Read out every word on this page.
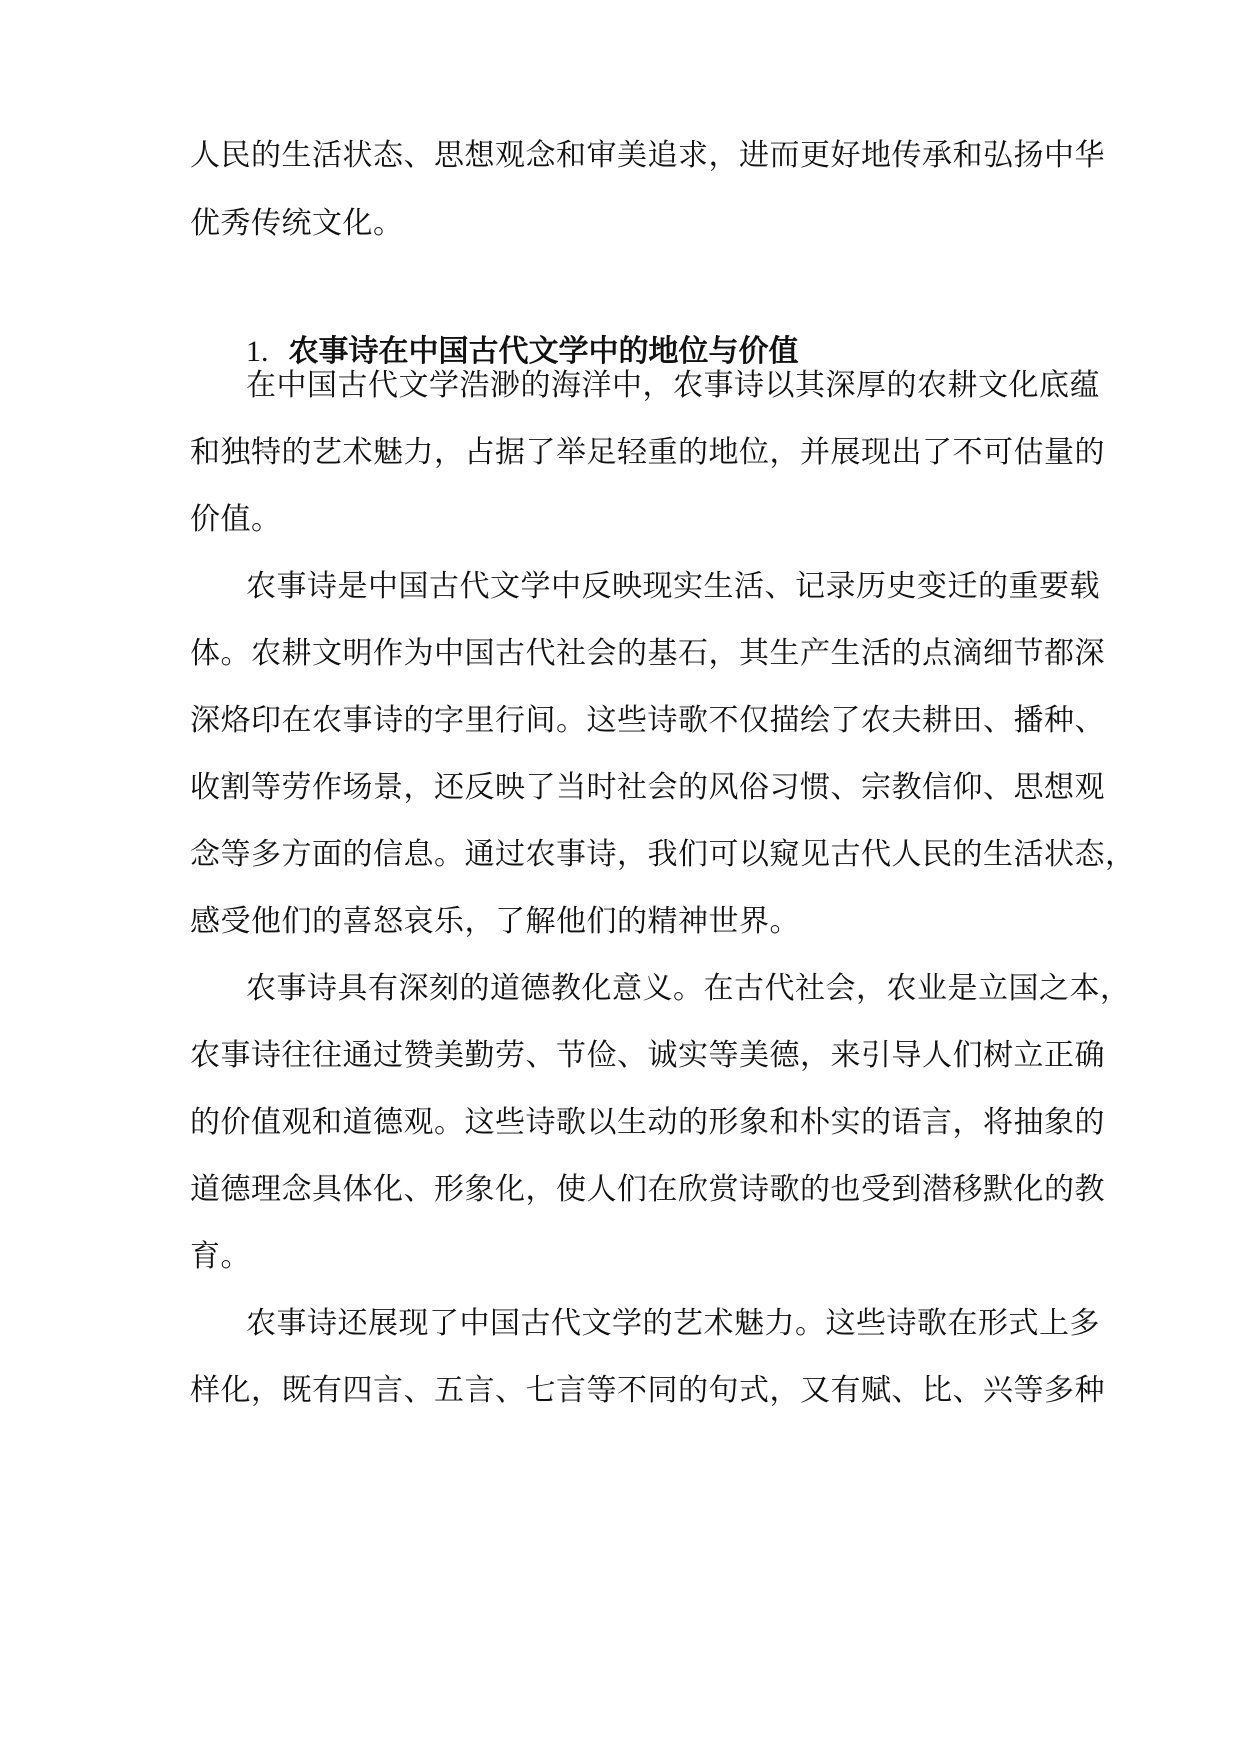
人民的生活状态、思想观念和审美追求，进而更好地传承和弘扬中华
优秀传统文化。
1. 农事诗在中国古代文学中的地位与价值
在中国古代文学浩渺的海洋中，农事诗以其深厚的农耕文化底蕴
和独特的艺术魅力，占据了举足轻重的地位，并展现出了不可估量的
价值。
农事诗是中国古代文学中反映现实生活、记录历史变迁的重要载
体。农耕文明作为中国古代社会的基石，其生产生活的点滴细节都深
深烙印在农事诗的字里行间。这些诗歌不仅描绘了农夫耕田、播种、
收割等劳作场景，还反映了当时社会的风俗习惯、宗教信仰、思想观
念等多方面的信息。通过农事诗，我们可以窥见古代人民的生活状态，
感受他们的喜怒哀乐，了解他们的精神世界。
农事诗具有深刻的道德教化意义。在古代社会，农业是立国之本，
农事诗往往通过赞美勤劳、节俭、诚实等美德，来引导人们树立正确
的价值观和道德观。这些诗歌以生动的形象和朴实的语言，将抽象的
道德理念具体化、形象化，使人们在欣赏诗歌的也受到潜移默化的教
育。
农事诗还展现了中国古代文学的艺术魅力。这些诗歌在形式上多
样化，既有四言、五言、七言等不同的句式，又有赋、比、兴等多种
